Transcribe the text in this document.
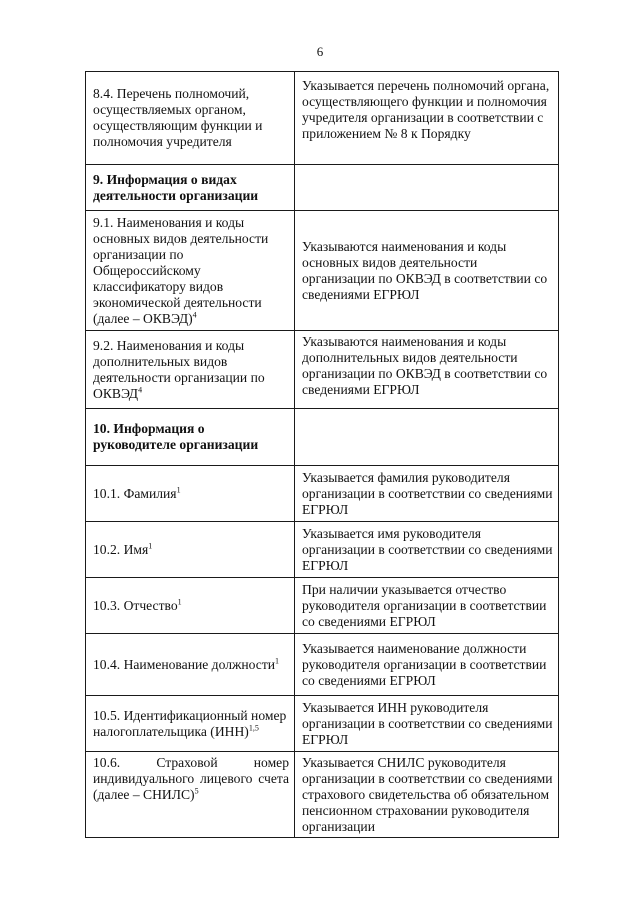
6
8.4. Перечень полномочий, осуществляемых органом, осуществляющим функции и полномочия учредителя	Указывается перечень полномочий органа, осуществляющего функции и полномочия учредителя организации в соответствии с приложением № 8 к Порядку
9. Информация о видах деятельности организации	
9.1. Наименования и коды основных видов деятельности организации по Общероссийскому классификатору видов экономической деятельности (далее – ОКВЭД)$^4$	Указываются наименования и коды основных видов деятельности организации по ОКВЭД в соответствии со сведениями ЕГРЮЛ
9.2. Наименования и коды дополнительных видов деятельности организации по ОКВЭД$^4$	Указываются наименования и коды дополнительных видов деятельности организации по ОКВЭД в соответствии со сведениями ЕГРЮЛ
10. Информация о руководителе организации	
10.1. Фамилия$^1$	Указывается фамилия руководителя организации в соответствии со сведениями ЕГРЮЛ
10.2. Имя$^1$	Указывается имя руководителя организации в соответствии со сведениями ЕГРЮЛ
10.3. Отчество$^1$	При наличии указывается отчество руководителя организации в соответствии со сведениями ЕГРЮЛ
10.4. Наименование должности$^1$	Указывается наименование должности руководителя организации в соответствии со сведениями ЕГРЮЛ
10.5. Идентификационный номер налогоплательщика (ИНН)$^{1,5}$	Указывается ИНН руководителя организации в соответствии со сведениями ЕГРЮЛ
10.6. Страховой номер индивидуального лицевого счета (далее – СНИЛС)$^5$	Указывается СНИЛС руководителя организации в соответствии со сведениями страхового свидетельства об обязательном пенсионном страховании руководителя организации
